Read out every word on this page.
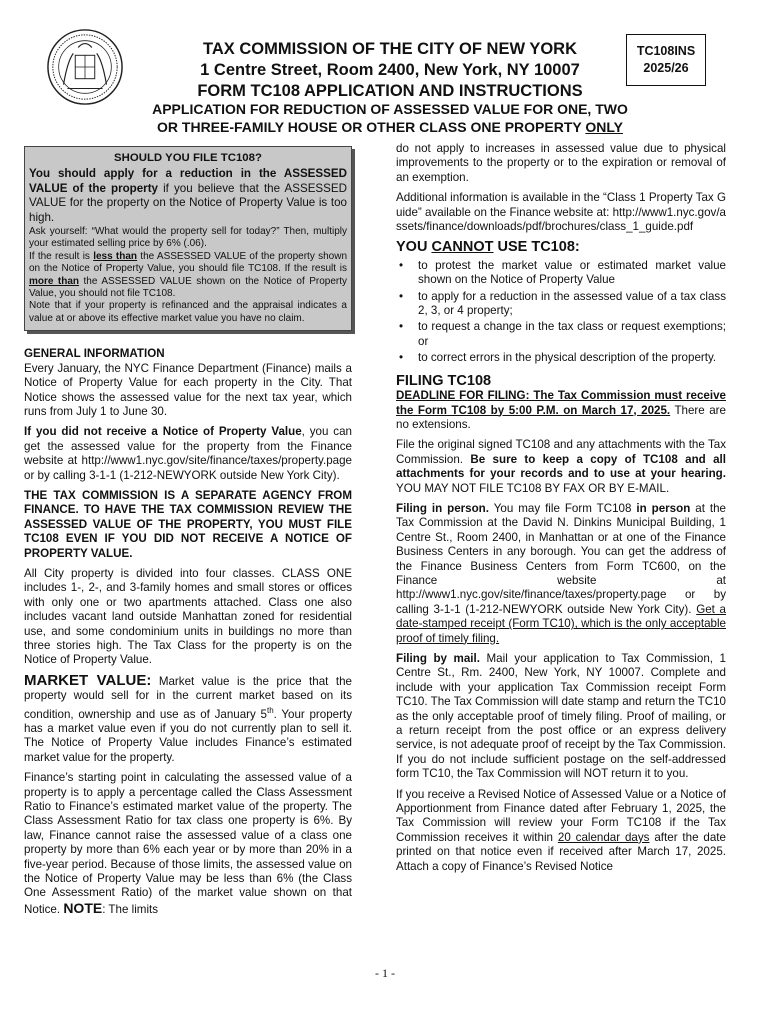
TAX COMMISSION OF THE CITY OF NEW YORK
1 Centre Street, Room 2400, New York, NY 10007
FORM TC108 APPLICATION AND INSTRUCTIONS
TC108INS
2025/26
APPLICATION FOR REDUCTION OF ASSESSED VALUE FOR ONE, TWO
OR THREE-FAMILY HOUSE OR OTHER CLASS ONE PROPERTY ONLY
SHOULD YOU FILE TC108?

You should apply for a reduction in the ASSESSED VALUE of the property if you believe that the ASSESSED VALUE for the property on the Notice of Property Value is too high.

Ask yourself: “What would the property sell for today?” Then, multiply your estimated selling price by 6% (.06).

If the result is less than the ASSESSED VALUE of the property shown on the Notice of Property Value, you should file TC108. If the result is more than the ASSESSED VALUE shown on the Notice of Property Value, you should not file TC108.

Note that if your property is refinanced and the appraisal indicates a value at or above its effective market value you have no claim.

GENERAL INFORMATION

Every January, the NYC Finance Department (Finance) mails a Notice of Property Value for each property in the City. That Notice shows the assessed value for the next tax year, which runs from July 1 to June 30.

If you did not receive a Notice of Property Value, you can get the assessed value for the property from the Finance website at http://www1.nyc.gov/site/finance/taxes/property.page or by calling 3-1-1 (1-212-NEWYORK outside New York City).

THE TAX COMMISSION IS A SEPARATE AGENCY FROM FINANCE. TO HAVE THE TAX COMMISSION REVIEW THE ASSESSED VALUE OF THE PROPERTY, YOU MUST FILE TC108 EVEN IF YOU DID NOT RECEIVE A NOTICE OF PROPERTY VALUE.

All City property is divided into four classes. CLASS ONE includes 1-, 2-, and 3-family homes and small stores or offices with only one or two apartments attached. Class one also includes vacant land outside Manhattan zoned for residential use, and some condominium units in buildings no more than three stories high. The Tax Class for the property is on the Notice of Property Value.

MARKET VALUE: Market value is the price that the property would sell for in the current market based on its condition, ownership and use as of January 5th. Your property has a market value even if you do not currently plan to sell it. The Notice of Property Value includes Finance’s estimated market value for the property.

Finance’s starting point in calculating the assessed value of a property is to apply a percentage called the Class Assessment Ratio to Finance’s estimated market value of the property. The Class Assessment Ratio for tax class one property is 6%. By law, Finance cannot raise the assessed value of a class one property by more than 6% each year or by more than 20% in a five-year period. Because of those limits, the assessed value on the Notice of Property Value may be less than 6% (the Class One Assessment Ratio) of the market value shown on that Notice. NOTE: The limits

do not apply to increases in assessed value due to physical improvements to the property or to the expiration or removal of an exemption.

Additional information is available in the “Class 1 Property Tax Guide” available on the Finance website at: http://www1.nyc.gov/assets/finance/downloads/pdf/brochures/class_1_guide.pdf

YOU CANNOT USE TC108:
• to protest the market value or estimated market value shown on the Notice of Property Value
• to apply for a reduction in the assessed value of a tax class 2, 3, or 4 property;
• to request a change in the tax class or request exemptions; or
• to correct errors in the physical description of the property.
FILING TC108

DEADLINE FOR FILING: The Tax Commission must receive the Form TC108 by 5:00 P.M. on March 17, 2025. There are no extensions.

File the original signed TC108 and any attachments with the Tax Commission. Be sure to keep a copy of TC108 and all attachments for your records and to use at your hearing. YOU MAY NOT FILE TC108 BY FAX OR BY E-MAIL.

Filing in person. You may file Form TC108 in person at the Tax Commission at the David N. Dinkins Municipal Building, 1 Centre St., Room 2400, in Manhattan or at one of the Finance Business Centers in any borough. You can get the address of the Finance Business Centers from Form TC600, on the Finance website at http://www1.nyc.gov/site/finance/taxes/property.page or by calling 3-1-1 (1-212-NEWYORK outside New York City). Get a date-stamped receipt (Form TC10), which is the only acceptable proof of timely filing.

Filing by mail. Mail your application to Tax Commission, 1 Centre St., Rm. 2400, New York, NY 10007. Complete and include with your application Tax Commission receipt Form TC10. The Tax Commission will date stamp and return the TC10 as the only acceptable proof of timely filing. Proof of mailing, or a return receipt from the post office or an express delivery service, is not adequate proof of receipt by the Tax Commission. If you do not include sufficient postage on the self-addressed form TC10, the Tax Commission will NOT return it to you.

If you receive a Revised Notice of Assessed Value or a Notice of Apportionment from Finance dated after February 1, 2025, the Tax Commission will review your Form TC108 if the Tax Commission receives it within 20 calendar days after the date printed on that notice even if received after March 17, 2025. Attach a copy of Finance’s Revised Notice

- 1 -
